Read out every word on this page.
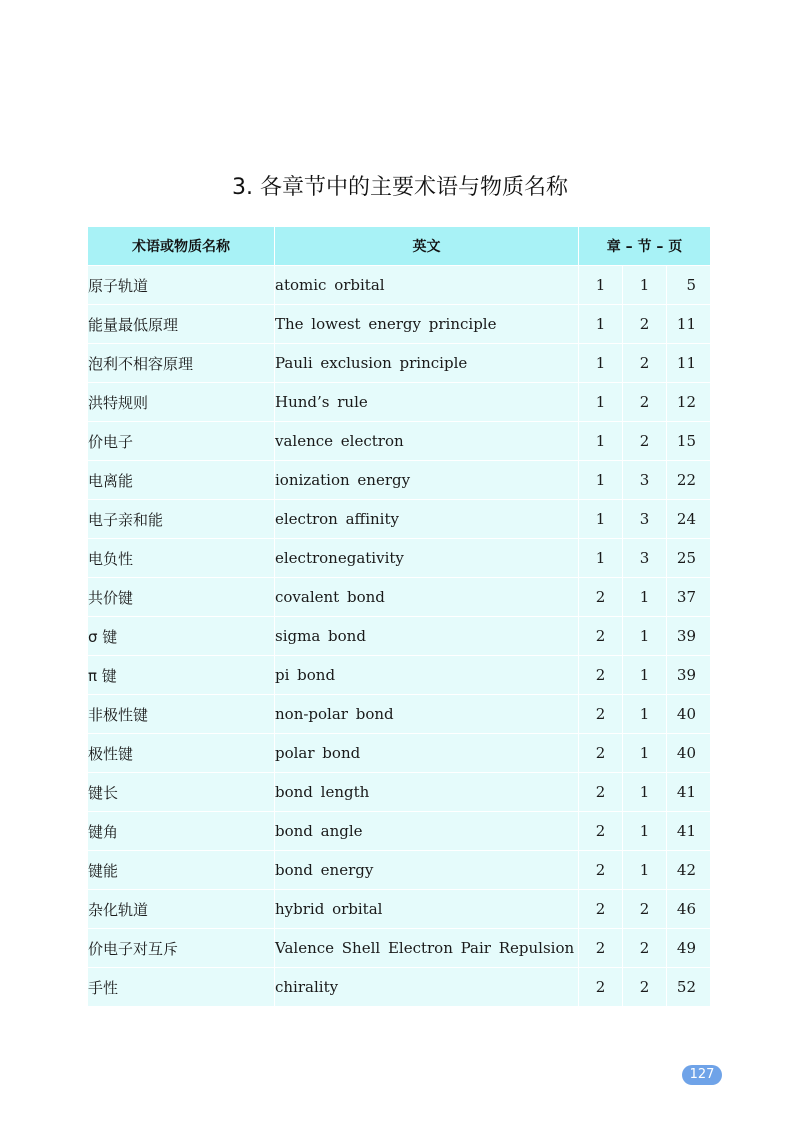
3. 各章节中的主要术语与物质名称
术语或物质名称	英文	章 – 节 – 页		
原子轨道	atomic orbital	1	1	5
能量最低原理	The lowest energy principle	1	2	11
泡利不相容原理	Pauli exclusion principle	1	2	11
洪特规则	Hund’s rule	1	2	12
价电子	valence electron	1	2	15
电离能	ionization energy	1	3	22
电子亲和能	electron affinity	1	3	24
电负性	electronegativity	1	3	25
共价键	covalent bond	2	1	37
σ 键	sigma bond	2	1	39
π 键	pi bond	2	1	39
非极性键	non-polar bond	2	1	40
极性键	polar bond	2	1	40
键长	bond length	2	1	41
键角	bond angle	2	1	41
键能	bond energy	2	1	42
杂化轨道	hybrid orbital	2	2	46
价电子对互斥	Valence Shell Electron Pair Repulsion	2	2	49
手性	chirality	2	2	52
127
